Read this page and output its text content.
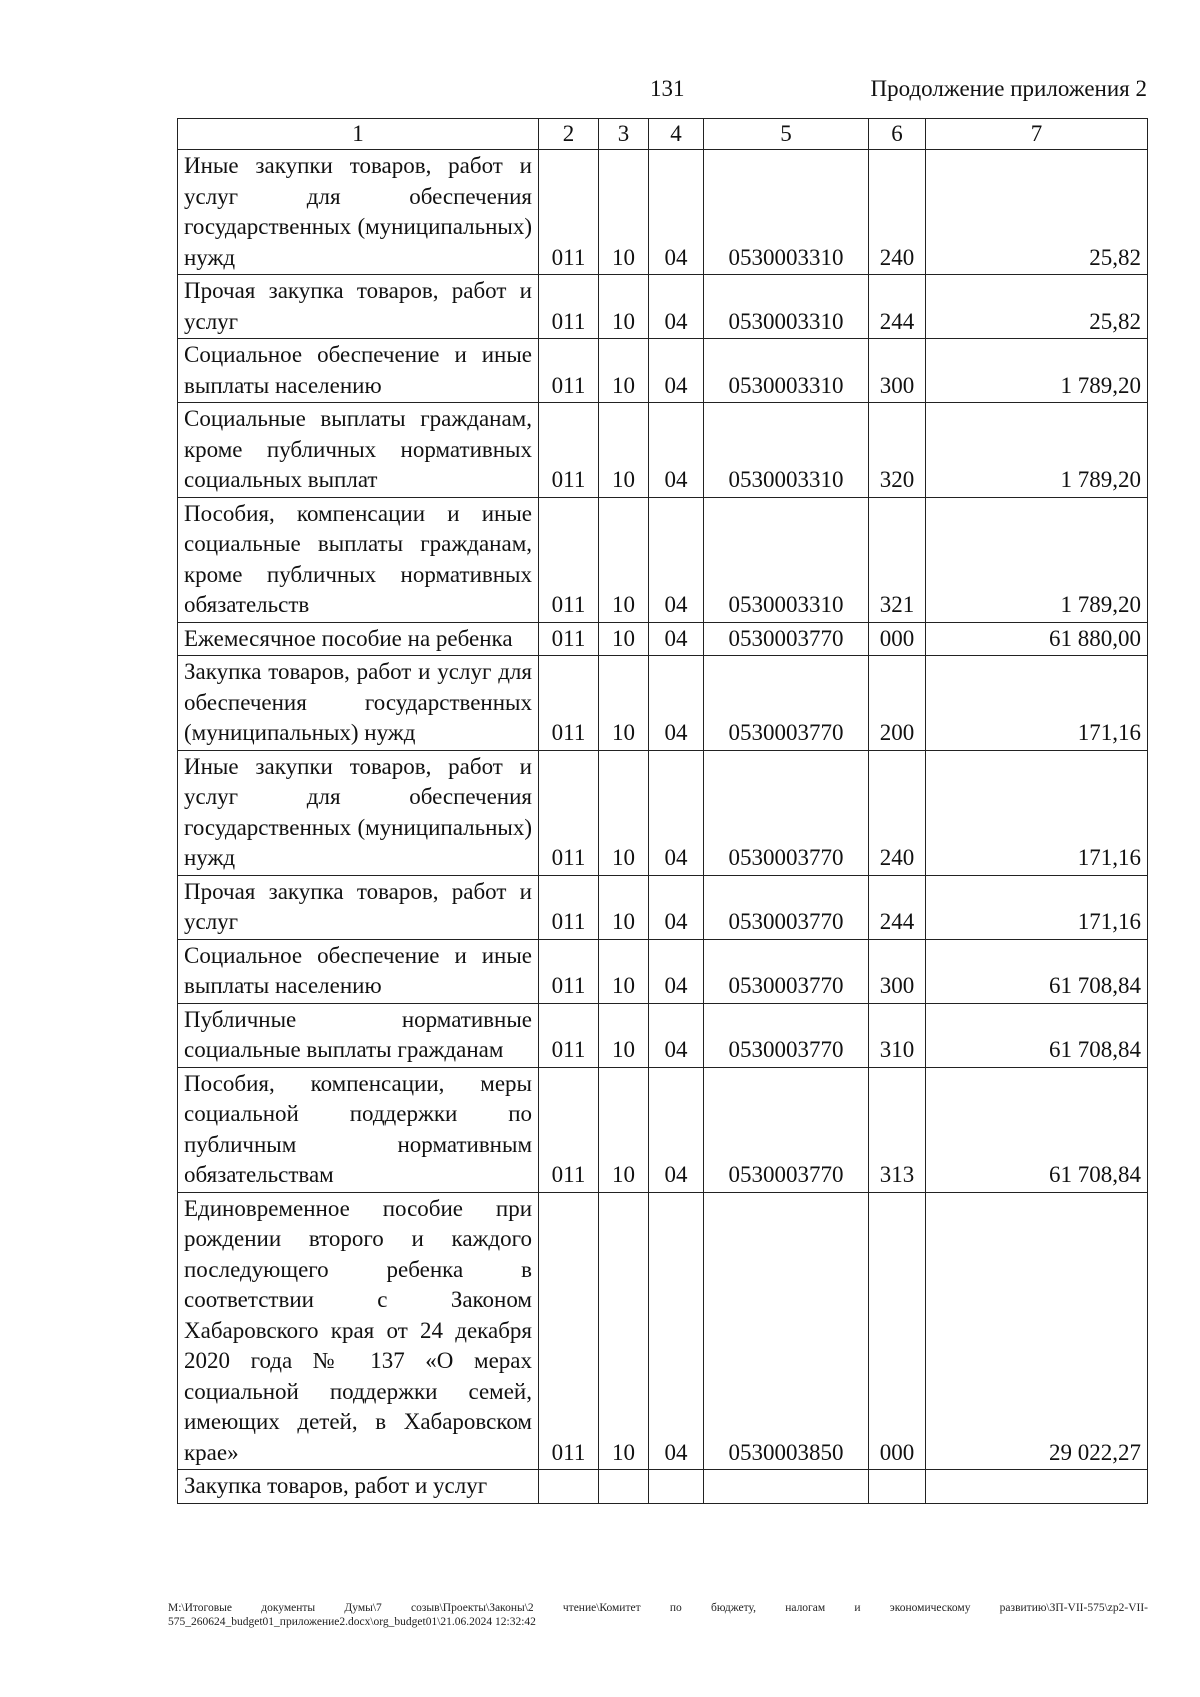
131	Продолжение приложения 2
1	2	3	4	5	6	7
Иные закупки товаров, работ и услуг для обеспечения государственных (муниципальных) нужд	011	10	04	0530003310	240	25,82
Прочая закупка товаров, работ и услуг	011	10	04	0530003310	244	25,82
Социальное обеспечение и иные выплаты населению	011	10	04	0530003310	300	1 789,20
Социальные выплаты гражданам, кроме публичных нормативных социальных выплат	011	10	04	0530003310	320	1 789,20
Пособия, компенсации и иные социальные выплаты гражданам, кроме публичных нормативных обязательств	011	10	04	0530003310	321	1 789,20
Ежемесячное пособие на ребенка	011	10	04	0530003770	000	61 880,00
Закупка товаров, работ и услуг для обеспечения государственных (муниципальных) нужд	011	10	04	0530003770	200	171,16
Иные закупки товаров, работ и услуг для обеспечения государственных (муниципальных) нужд	011	10	04	0530003770	240	171,16
Прочая закупка товаров, работ и услуг	011	10	04	0530003770	244	171,16
Социальное обеспечение и иные выплаты населению	011	10	04	0530003770	300	61 708,84
Публичные нормативные социальные выплаты гражданам	011	10	04	0530003770	310	61 708,84
Пособия, компенсации, меры социальной поддержки по публичным нормативным обязательствам	011	10	04	0530003770	313	61 708,84
Единовременное пособие при рождении второго и каждого последующего ребенка в соответствии с Законом Хабаровского края от 24 декабря 2020 года № 137 «О мерах социальной поддержки семей, имеющих детей, в Хабаровском крае»	011	10	04	0530003850	000	29 022,27
Закупка товаров, работ и услуг						
M:\Итоговые документы Думы\7 созыв\Проекты\Законы\2 чтение\Комитет по бюджету, налогам и экономическому развитию\ЗП-VII-575\zp2-VII-575_260624_budget01_приложение2.docx\org_budget01\21.06.2024 12:32:42
